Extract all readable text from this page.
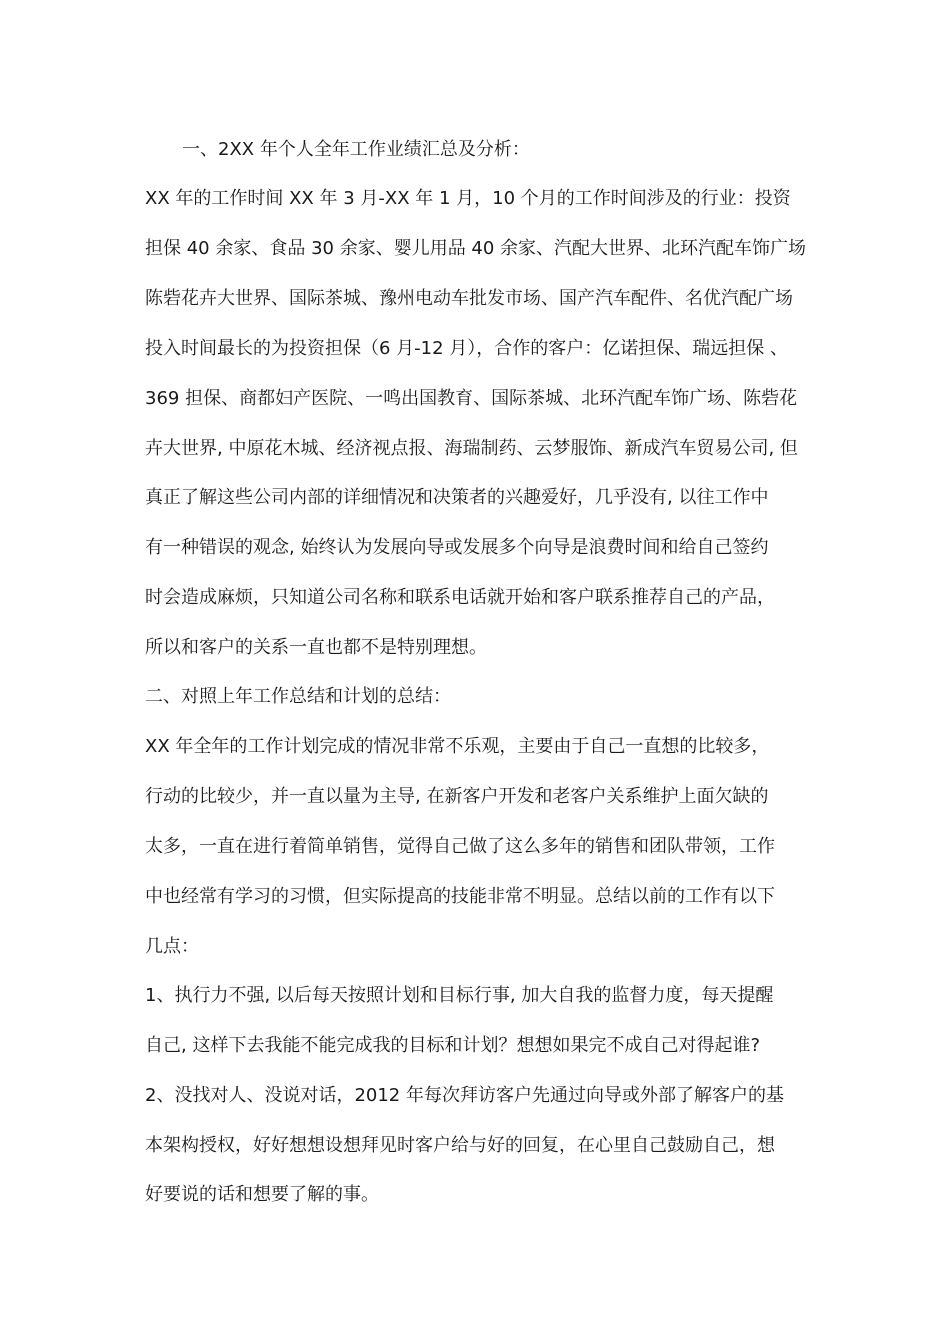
一、2XX 年个人全年工作业绩汇总及分析：
XX 年的工作时间 XX 年 3 月-XX 年 1 月，10 个月的工作时间涉及的行业：投资
担保 40 余家、食品 30 余家、婴儿用品 40 余家、汽配大世界、北环汽配车饰广场
陈砦花卉大世界、国际茶城、豫州电动车批发市场、国产汽车配件、名优汽配广场
投入时间最长的为投资担保（6 月-12 月），合作的客户：亿诺担保、瑞远担保 、
369 担保、商都妇产医院、一鸣出国教育、国际茶城、北环汽配车饰广场、陈砦花
卉大世界, 中原花木城、经济视点报、海瑞制药、云梦服饰、新成汽车贸易公司, 但
真正了解这些公司内部的详细情况和决策者的兴趣爱好，几乎没有, 以往工作中
有一种错误的观念, 始终认为发展向导或发展多个向导是浪费时间和给自己签约
时会造成麻烦，只知道公司名称和联系电话就开始和客户联系推荐自己的产品，
所以和客户的关系一直也都不是特别理想。
二、对照上年工作总结和计划的总结：
XX 年全年的工作计划完成的情况非常不乐观，主要由于自己一直想的比较多，
行动的比较少，并一直以量为主导, 在新客户开发和老客户关系维护上面欠缺的
太多，一直在进行着简单销售，觉得自己做了这么多年的销售和团队带领，工作
中也经常有学习的习惯，但实际提高的技能非常不明显。总结以前的工作有以下
几点：
1、执行力不强, 以后每天按照计划和目标行事, 加大自我的监督力度，每天提醒
自己, 这样下去我能不能完成我的目标和计划？想想如果完不成自己对得起谁?
2、没找对人、没说对话，2012 年每次拜访客户先通过向导或外部了解客户的基
本架构授权，好好想想设想拜见时客户给与好的回复，在心里自己鼓励自己，想
好要说的话和想要了解的事。
